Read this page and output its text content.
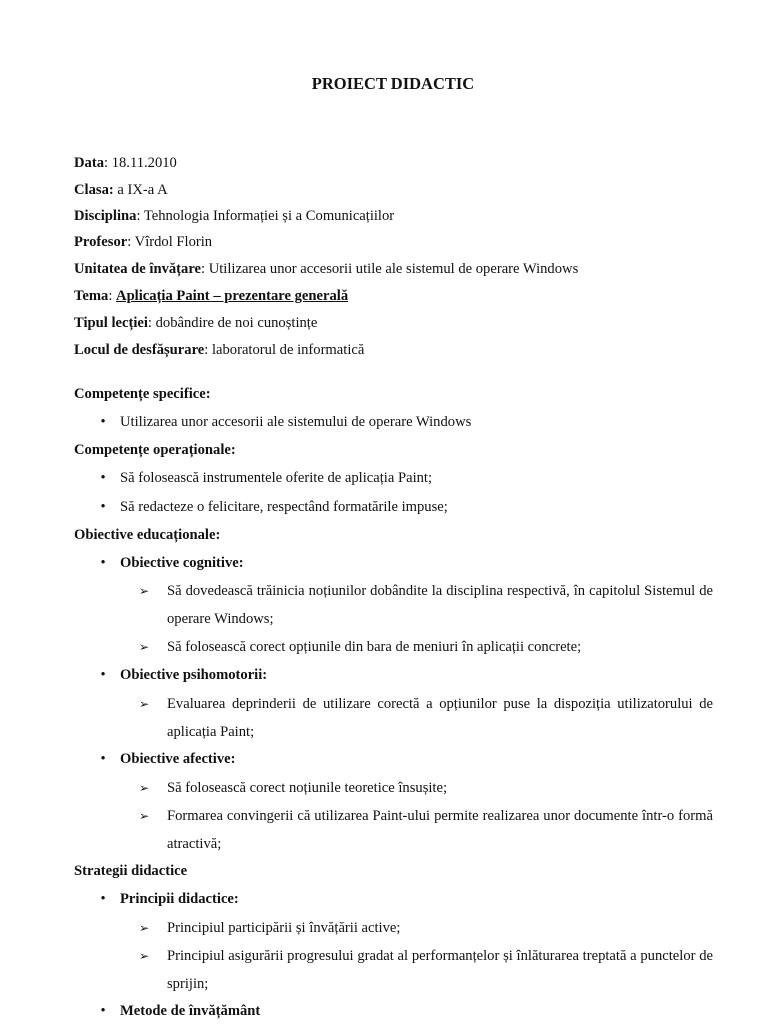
PROIECT DIDACTIC
Data: 18.11.2010
Clasa: a IX-a A
Disciplina: Tehnologia Informației și a Comunicațiilor
Profesor: Vîrdol Florin
Unitatea de învățare: Utilizarea unor accesorii utile ale sistemul de operare Windows
Tema: Aplicația Paint – prezentare generală
Tipul lecției: dobândire de noi cunoștințe
Locul de desfășurare: laboratorul de informatică
Competențe specifice:
• Utilizarea unor accesorii ale sistemului de operare Windows
Competențe operaționale:
• Să folosească instrumentele oferite de aplicația Paint;
• Să redacteze o felicitare, respectând formatările impuse;
Obiective educaționale:
• Obiective cognitive:
➢ Să dovedească trăinicia noțiunilor dobândite la disciplina respectivă, în capitolul Sistemul de operare Windows;
➢ Să folosească corect opțiunile din bara de meniuri în aplicații concrete;
• Obiective psihomotorii:
➢ Evaluarea deprinderii de utilizare corectă a opțiunilor puse la dispoziția utilizatorului de aplicația Paint;
• Obiective afective:
➢ Să folosească corect noțiunile teoretice însușite;
➢ Formarea convingerii că utilizarea Paint-ului permite realizarea unor documente într-o formă atractivă;
Strategii didactice
• Principii didactice:
➢ Principiul participării și învățării active;
➢ Principiul asigurării progresului gradat al performanțelor și înlăturarea treptată a punctelor de sprijin;
• Metode de învățământ
